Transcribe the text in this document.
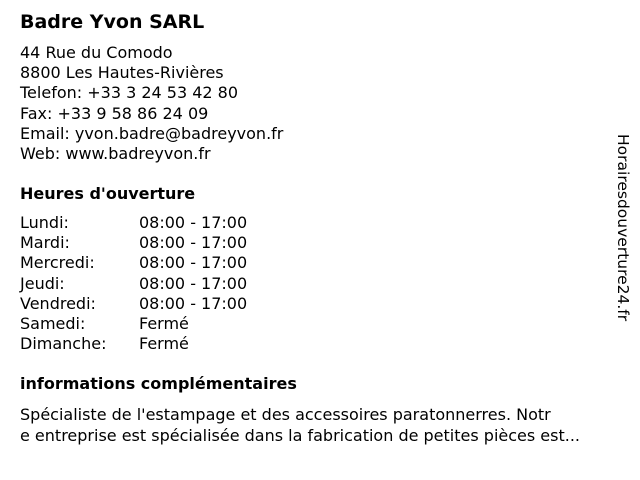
Badre Yvon SARL
44 Rue du Comodo
8800 Les Hautes-Rivières
Telefon: +33 3 24 53 42 80
Fax: +33 9 58 86 24 09
Email: yvon.badre@badreyvon.fr
Web: www.badreyvon.fr
Heures d'ouverture
Lundi:	08:00 - 17:00
Mardi:	08:00 - 17:00
Mercredi:	08:00 - 17:00
Jeudi:	08:00 - 17:00
Vendredi:	08:00 - 17:00
Samedi:	Fermé
Dimanche:	Fermé
informations complémentaires
Spécialiste de l'estampage et des accessoires paratonnerres. Notr
e entreprise est spécialisée dans la fabrication de petites pièces est...
Horairesdouverture24.fr
